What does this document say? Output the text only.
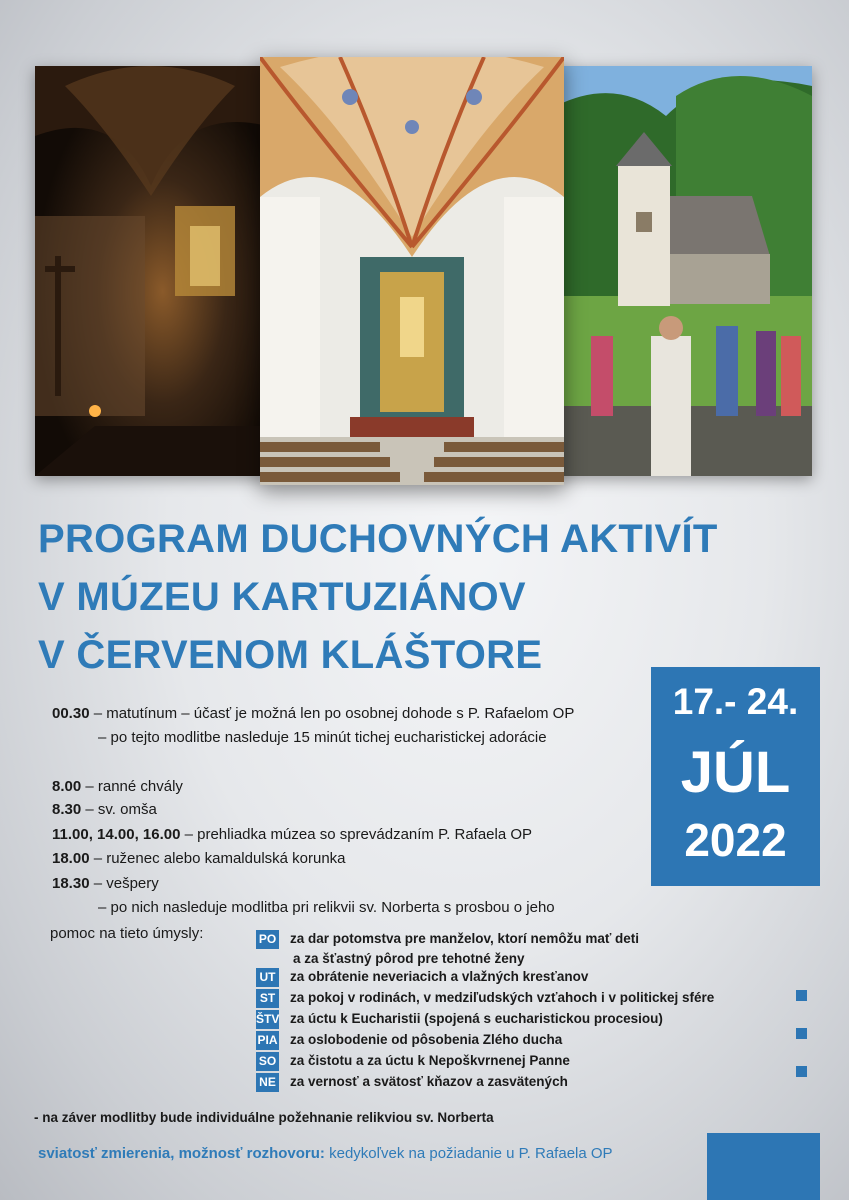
PROGRAM DUCHOVNÝCH AKTIVÍT
V MÚZEU KARTUZIÁNOV
V ČERVENOM KLÁŠTORE
17.- 24.
JÚL
2022
00.30 – matutínum – účasť je možná len po osobnej dohode s P. Rafaelom OP
– po tejto modlitbe nasleduje 15 minút tichej eucharistickej adorácie
8.00 – ranné chvály
8.30 – sv. omša
11.00, 14.00, 16.00 – prehliadka múzea so sprevádzaním P. Rafaela OP
18.00 – ruženec alebo kamaldulská korunka
18.30 – vešpery
– po nich nasleduje modlitba pri relikvii sv. Norberta s prosbou o jeho
pomoc na tieto úmysly:	PO za dar potomstva pre manželov, ktorí nemôžu mať deti
a za šťastný pôrod pre tehotné ženy
UT za obrátenie neveriacich a vlažných kresťanov
ST za pokoj v rodinách, v medziľudských vzťahoch i v politickej sfére
ŠTV za úctu k Eucharistii (spojená s eucharistickou procesiou)
PIA za oslobodenie od pôsobenia Zlého ducha
SO za čistotu a za úctu k Nepoškvrnenej Panne
NE za vernosť a svätosť kňazov a zasvätených
- na záver modlitby bude individuálne požehnanie relikviou sv. Norberta
sviatosť zmierenia, možnosť rozhovoru: kedykoľvek na požiadanie u P. Rafaela OP
